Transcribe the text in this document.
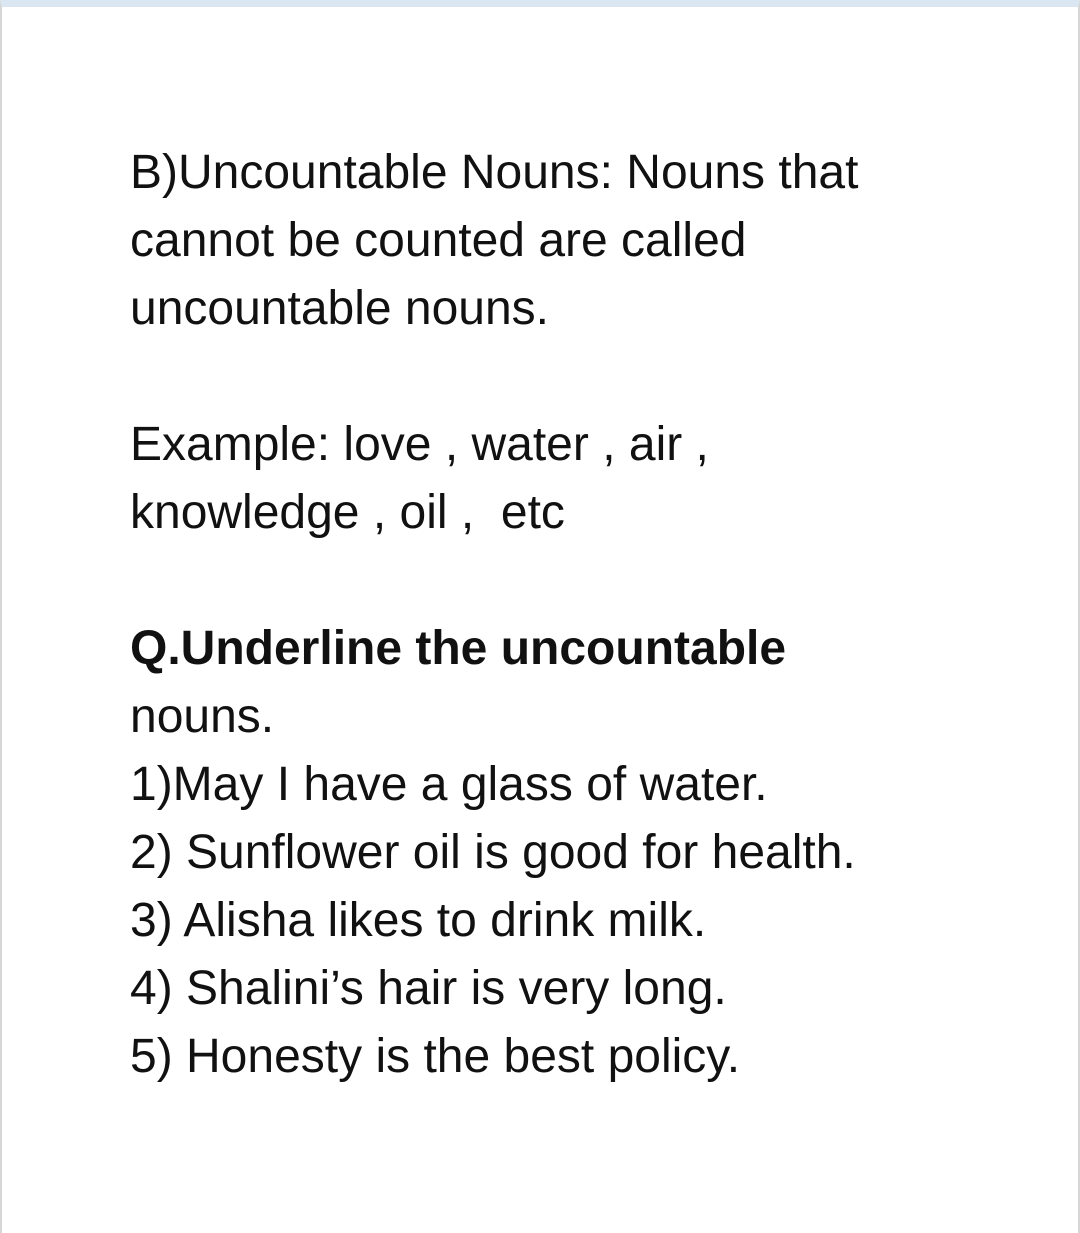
B)Uncountable Nouns: Nouns that

cannot be counted are called

uncountable nouns.

Example: love , water , air ,

knowledge , oil ,  etc

Q.Underline the uncountable

nouns.

1)May I have a glass of water.

2) Sunflower oil is good for health.

3) Alisha likes to drink milk.

4) Shalini’s hair is very long.

5) Honesty is the best policy.
